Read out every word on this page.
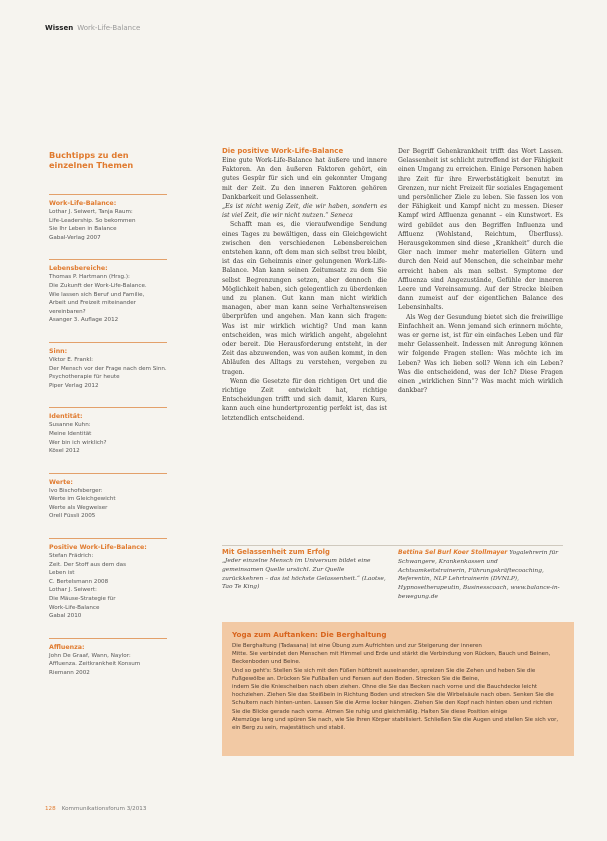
Wissen Work-Life-Balance
Buchtipps zu den
einzelnen Themen
Work-Life-Balance:
Lothar J. Seiwert, Tanja Raum:
Life-Leadership. So bekommen
Sie Ihr Leben in Balance
Gabal-Verlag 2007
Lebensbereiche:
Thomas P. Hartmann (Hrsg.):
Die Zukunft der Work-Life-Balance.
Wie lassen sich Beruf und Familie,
Arbeit und Freizeit miteinander
vereinbaren?
Asanger 3. Auflage 2012
Sinn:
Viktor E. Frankl:
Der Mensch vor der Frage nach dem Sinn.
Psychotherapie für heute
Piper Verlag 2012
Identität:
Susanne Kuhn:
Meine Identität
Wer bin ich wirklich?
Kösel 2012
Werte:
Ivo Bischofsberger:
Werte im Gleichgewicht
Werte als Wegweiser
Orell Füssli 2005
Positive Work-Life-Balance:
Stefan Frädrich:
Zeit. Der Stoff aus dem das
Leben ist
C. Bertelsmann 2008
Lothar J. Seiwert:
Die Mäuse-Strategie für
Work-Life-Balance
Gabal 2010
Affluenza:
John De Graaf, Wann, Naylor:
Affluenza. Zeitkrankheit Konsum
Riemann 2002
Die positive Work-Life-Balance

Eine gute Work-Life-Balance hat äußere und innere Faktoren. An den äußeren Faktoren gehört, ein gutes Gespür für sich und ein gekonnter Umgang mit der Zeit. Zu den inneren Faktoren gehören Dankbarkeit und Gelassenheit.

„Es ist nicht wenig Zeit, die wir haben, sondern es ist viel Zeit, die wir nicht nutzen.“ Seneca

Schafft man es, die vieraufwendige Sendung eines Tages zu bewältigen, dass ein Gleichgewicht zwischen den verschiedenen Lebensbereichen entstehen kann, oft dem man sich selbst treu bleibt, ist das ein Geheimnis einer gelungenen Work-Life-Balance. Man kann seinen Zeitumsatz zu dem Sie selbst Begrenzungen setzen, aber dennoch die Möglichkeit haben, sich gelegentlich zu überdenken und zu planen. Gut kann man nicht wirklich managen, aber man kann seine Verhaltensweisen überprüfen und angehen. Man kann sich fragen: Was ist mir wirklich wichtig? Und man kann entscheiden, was mich wirklich angeht, abgelehnt oder bereit. Die Herausforderung entsteht, in der Zeit das abzuwenden, was von außen kommt, in den Abläufen des Alltags zu verstehen, vergeben zu tragen.

Wenn die Gesetzte für den richtigen Ort und die richtige Zeit entwickelt hat, richtige Entscheidungen trifft und sich damit, klaren Kurs, kann auch eine hundertprozentig perfekt ist, das ist letztendlich entscheidend.

Der Begriff Gehenkrankheit trifft das Wort Lassen. Gelassenheit ist schlicht zutreffend ist der Fähigkeit einen Umgang zu erreichen. Einige Personen haben ihre Zeit für ihre Erwerbstätigkeit benutzt im Grenzen, nur nicht Freizeit für soziales Engagement und persönlicher Ziele zu leben. Sie fassen los von der Fähigkeit und Kampf nicht zu messen. Dieser Kampf wird Affluenza genannt – ein Kunstwort. Es wird gebildet aus den Begriffen Influenza und Affluenz (Wohlstand, Reichtum, Überfluss). Herausgekommen sind diese „Krankheit“ durch die Gier nach immer mehr materiellen Gütern und durch den Neid auf Menschen, die scheinbar mehr erreicht haben als man selbst. Symptome der Affluenza sind Angezustände, Gefühle der inneren Leere und Vereinsamung. Auf der Strecke bleiben dann zumeist auf der eigentlichen Balance des Lebensinhalts.

Als Weg der Gesundung bietet sich die freiwillige Einfachheit an. Wenn jemand sich erinnern möchte, was er gerne ist, ist für ein einfaches Leben und für mehr Gelassenheit. Indessen mit Anregung können wir folgende Fragen stellen: Was möchte ich im Leben? Was ich lieben soll? Wenn ich ein Leben? Was die entscheidend, was der Ich? Diese Fragen einen „wirklichen Sinn“? Was macht mich wirklich dankbar?

Mit Gelassenheit zum Erfolg
„Jeder einzelne Mensch im Universum bildet eine gemeinsamen Quelle ursächl. Zur Quelle zurückkehren – das ist höchste Gelassenheit.“ (Laotse, Tao Te King)
Bettina Sel Burl Koer Stollmayer Yogalehrerin für Schwangere, Krankenkassen und Achtsamkeitstrainerin, Führungskräftecoaching, Referentin, NLP Lehrtrainerin (DVNLP), Hypnosetherapeutin, Businesscoach, www.balance-in-bewegung.de
Yoga zum Auftanken: Die Berghaltung
Die Berghaltung (Tadasana) ist eine Übung zum Aufrichten und zur Steigerung der inneren
Mitte. Sie verbindet den Menschen mit Himmel und Erde und stärkt die Verbindung von Rücken, Bauch und Beinen,
Beckenboden und Beine.
Und so geht's: Stellen Sie sich mit den Füßen hüftbreit auseinander, spreizen Sie die Zehen und heben Sie die
Fußgewölbe an. Drücken Sie Fußballen und Fersen auf den Boden. Strecken Sie die Beine,
indem Sie die Kniescheiben nach oben ziehen. Ohne die Sie das Becken nach vorne und die Bauchdecke leicht
hochziehen. Ziehen Sie das Steißbein in Richtung Boden und strecken Sie die Wirbelsäule nach oben. Senken Sie die
Schultern nach hinten-unten. Lassen Sie die Arme locker hängen. Ziehen Sie den Kopf nach hinten oben und richten
Sie die Blicke gerade nach vorne. Atmen Sie ruhig und gleichmäßig. Halten Sie diese Position einige
Atemzüge lang und spüren Sie nach, wie Sie Ihren Körper stabilisiert. Schließen Sie die Augen und stellen Sie sich vor,
ein Berg zu sein, majestätisch und stabil.
128 Kommunikationsforum 3/2013
